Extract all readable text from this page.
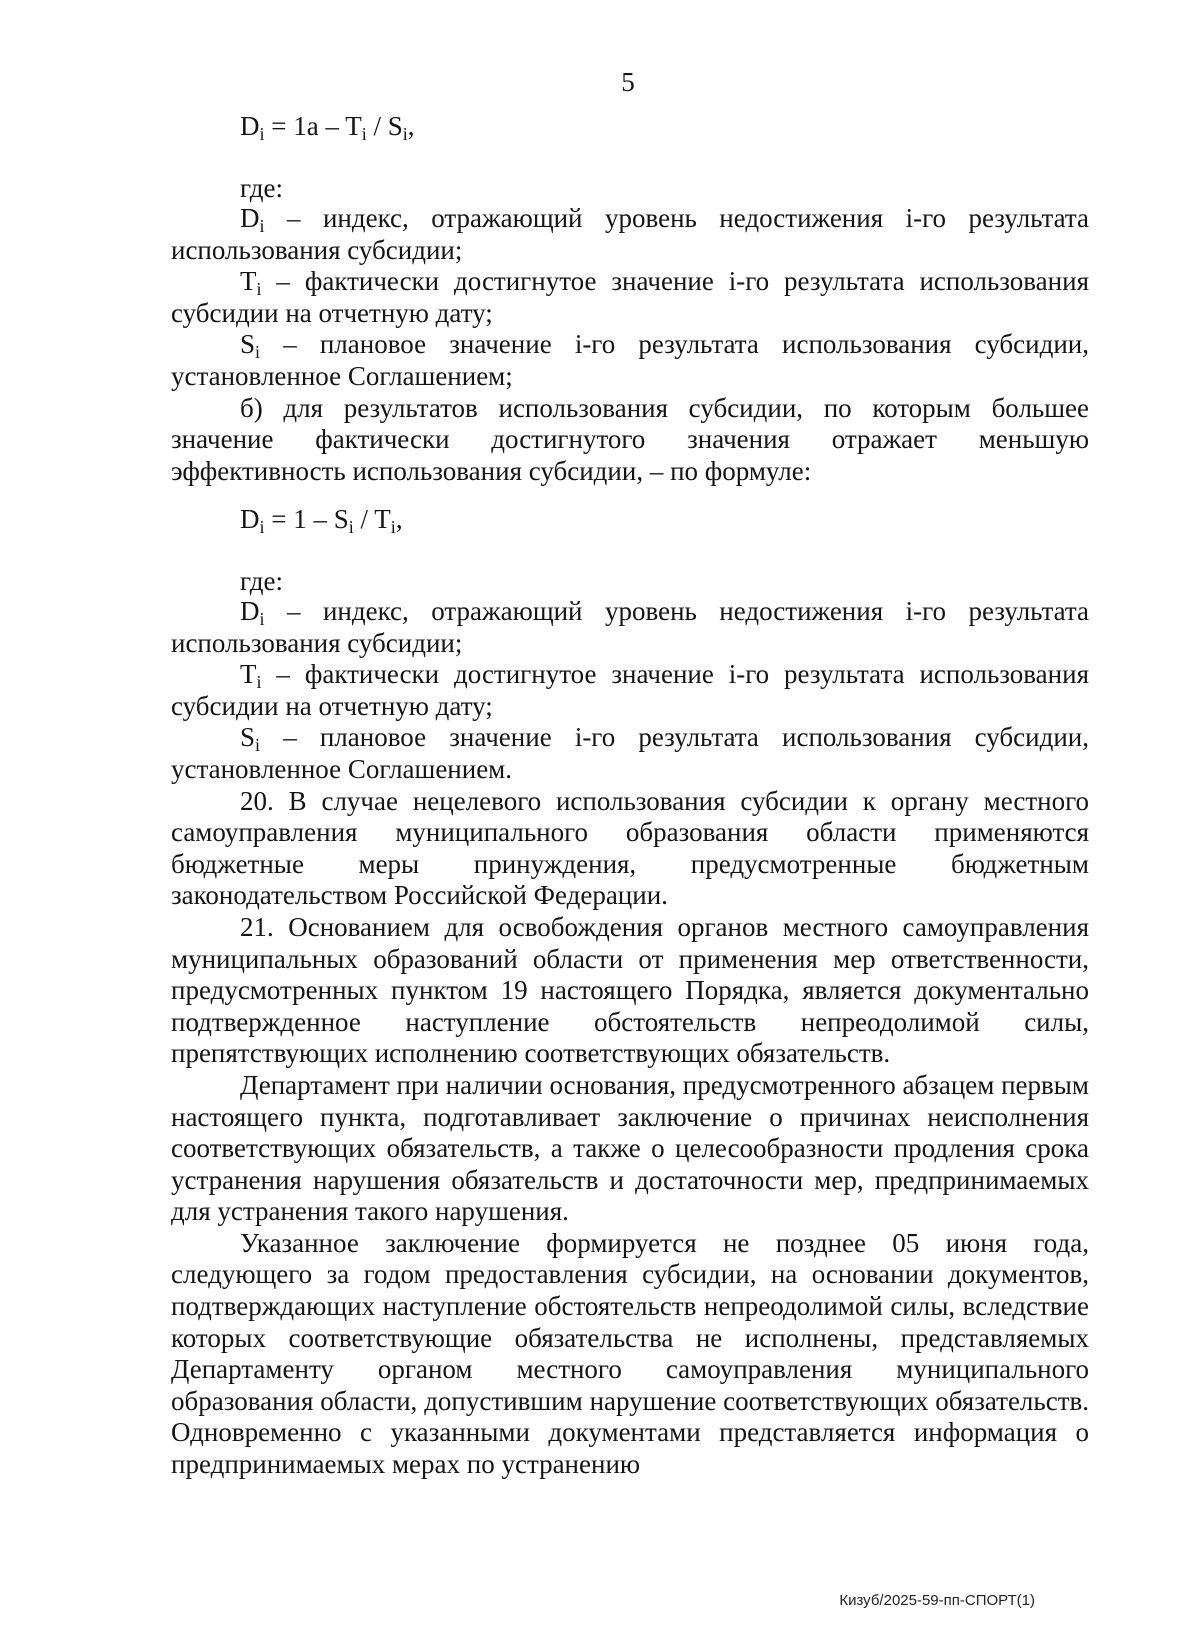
5
$D_i = 1a - T_i / S_i$,
где:

$D_i$ – индекс, отражающий уровень недостижения i-го результата использования субсидии;

$T_i$ – фактически достигнутое значение i-го результата использования субсидии на отчетную дату;

$S_i$ – плановое значение i-го результата использования субсидии, установленное Соглашением;

б) для результатов использования субсидии, по которым большее значение фактически достигнутого значения отражает меньшую эффективность использования субсидии, – по формуле:

$D_i = 1 - S_i / T_i$,
где:

$D_i$ – индекс, отражающий уровень недостижения i-го результата использования субсидии;

$T_i$ – фактически достигнутое значение i-го результата использования субсидии на отчетную дату;

$S_i$ – плановое значение i-го результата использования субсидии, установленное Соглашением.

20. В случае нецелевого использования субсидии к органу местного самоуправления муниципального образования области применяются бюджетные меры принуждения, предусмотренные бюджетным законодательством Российской Федерации.

21. Основанием для освобождения органов местного самоуправления муниципальных образований области от применения мер ответственности, предусмотренных пунктом 19 настоящего Порядка, является документально подтвержденное наступление обстоятельств непреодолимой силы, препятствующих исполнению соответствующих обязательств.

Департамент при наличии основания, предусмотренного абзацем первым настоящего пункта, подготавливает заключение о причинах неисполнения соответствующих обязательств, а также о целесообразности продления срока устранения нарушения обязательств и достаточности мер, предпринимаемых для устранения такого нарушения.

Указанное заключение формируется не позднее 05 июня года, следующего за годом предоставления субсидии, на основании документов, подтверждающих наступление обстоятельств непреодолимой силы, вследствие которых соответствующие обязательства не исполнены, представляемых Департаменту органом местного самоуправления муниципального образования области, допустившим нарушение соответствующих обязательств. Одновременно с указанными документами представляется информация о предпринимаемых мерах по устранению

Кизуб/2025-59-пп-СПОРТ(1)
